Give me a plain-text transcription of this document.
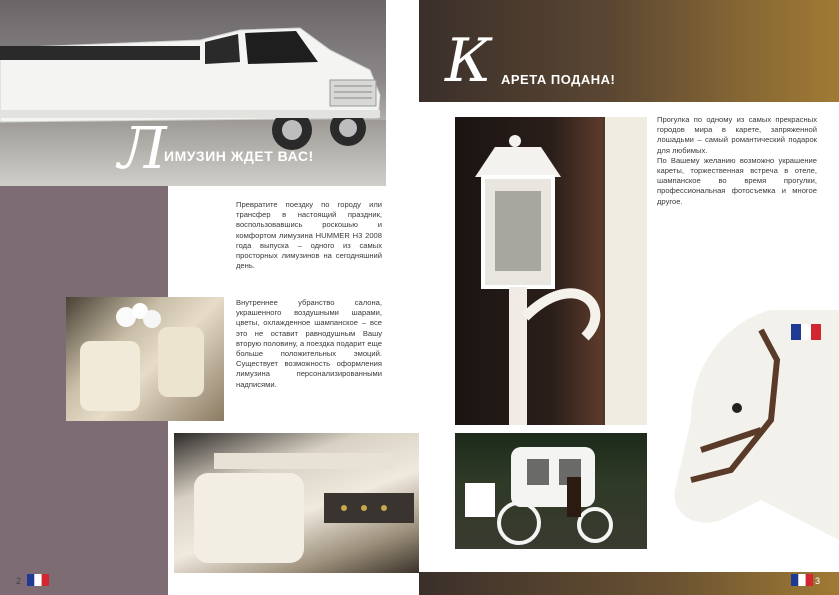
Л
ИМУЗИН ЖДЕТ ВАС!
Превратите поездку по городу или трансфер в настоящий праздник, воспользовавшись роскошью и комфортом лимузина HUMMER H3 2008 года выпуска – одного из самых просторных лимузинов на сегодняшний день.
Внутреннее убранство салона, украшенного воздушными шарами, цветы, охлажденное шампанское – все это не оставит равнодушным Вашу вторую половину, а поездка подарит еще больше положительных эмоций. Существует возможность оформления лимузина персонализированными надписями.
2
К АРЕТА ПОДАНА!
Прогулка по одному из самых прекрасных городов мира в карете, запряженной лошадьми – самый романтический подарок для любимых.
По Вашему желанию возможно украшение кареты, торжественная встреча в отеле, шампанское во время прогулки, профессиональная фотосъемка и многое другое.
3
